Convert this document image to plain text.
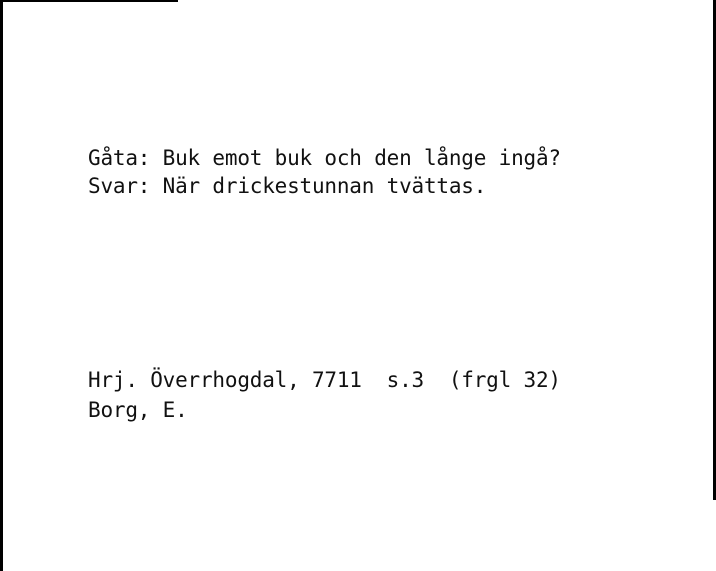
Gåta: Buk emot buk och den långe ingå?

Svar: När drickestunnan tvättas.

Hrj. Överrhogdal, 7711  s.3  (frgl 32)

Borg, E.
